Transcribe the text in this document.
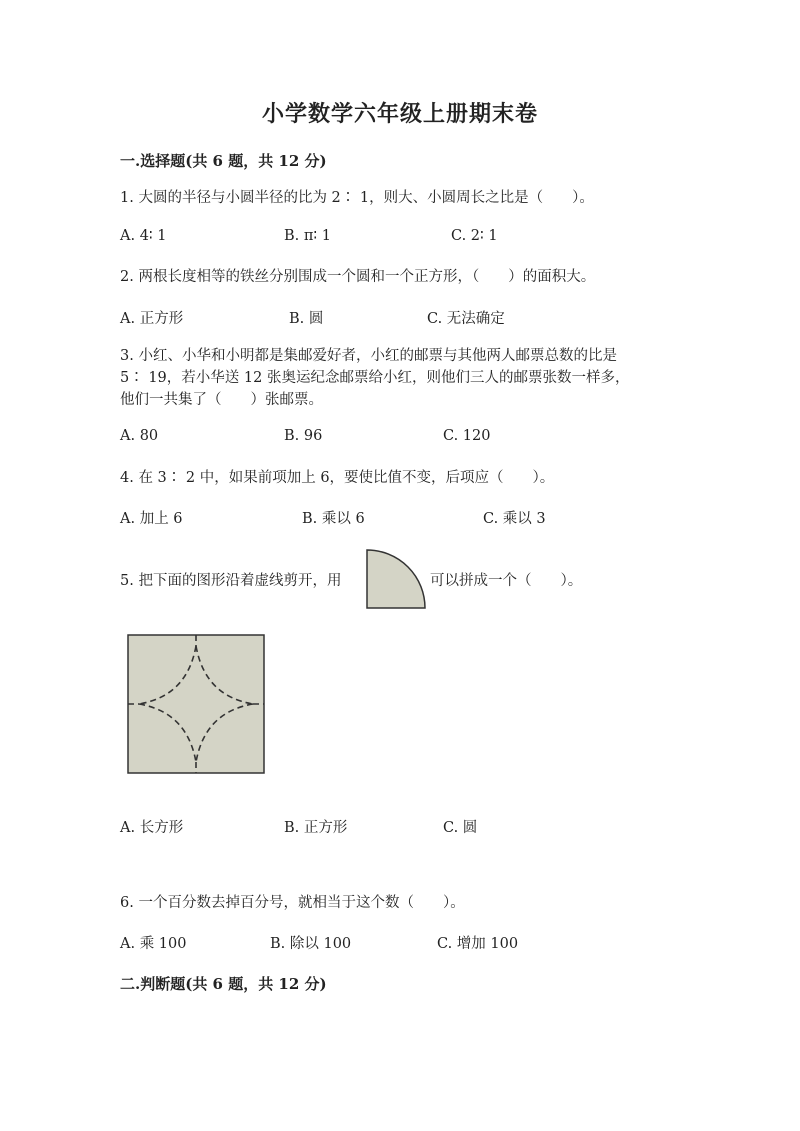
小学数学六年级上册期末卷
一.选择题(共 6 题，共 12 分)
1. 大圆的半径与小圆半径的比为 2∶ 1，则大、小圆周长之比是（　　）。
A. 4∶ 1	B. π∶ 1	C. 2∶ 1
2. 两根长度相等的铁丝分别围成一个圆和一个正方形，（　　）的面积大。
A. 正方形	B. 圆	C. 无法确定
3. 小红、小华和小明都是集邮爱好者，小红的邮票与其他两人邮票总数的比是
5∶ 19，若小华送 12 张奥运纪念邮票给小红，则他们三人的邮票张数一样多，
他们一共集了（　　）张邮票。
A. 80	B. 96	C. 120
4. 在 3∶ 2 中，如果前项加上 6，要使比值不变，后项应（　　）。
A. 加上 6	B. 乘以 6	C. 乘以 3
5. 把下面的图形沿着虚线剪开，用	可以拼成一个（　　）。
A. 长方形	B. 正方形	C. 圆
6. 一个百分数去掉百分号，就相当于这个数（　　）。
A. 乘 100	B. 除以 100	C. 增加 100
二.判断题(共 6 题，共 12 分)
